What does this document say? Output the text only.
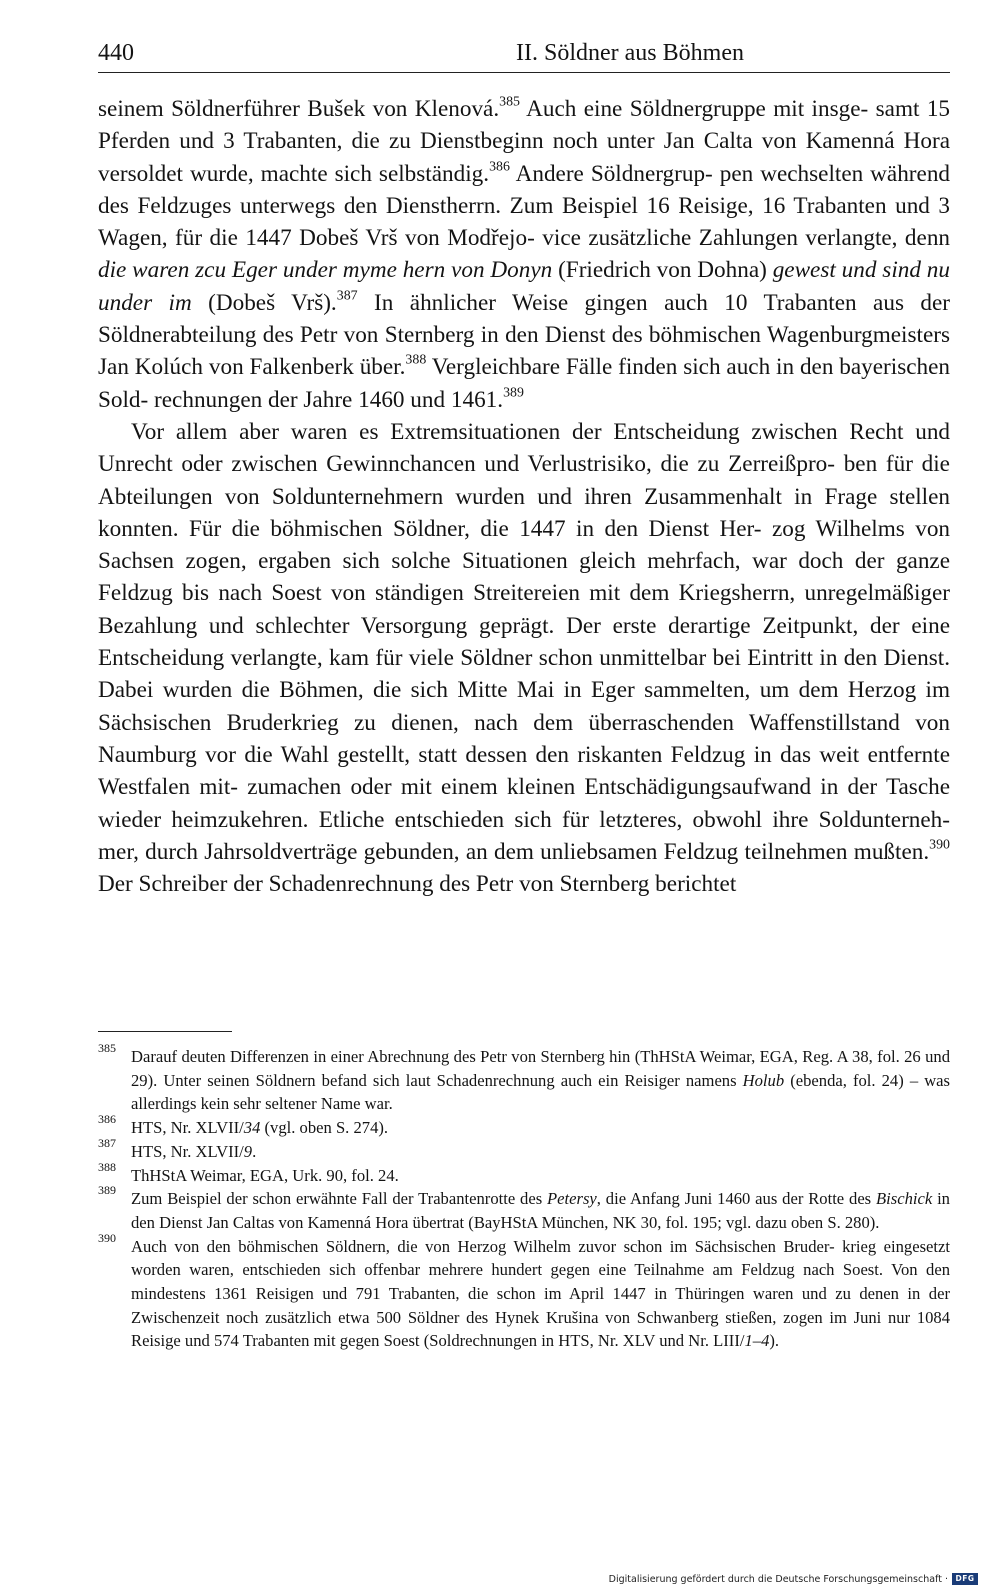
440	II. Söldner aus Böhmen

seinem Söldnerführer Bušek von Klenová.$^{385}$ Auch eine Söldnergruppe mit insge- samt 15 Pferden und 3 Trabanten, die zu Dienstbeginn noch unter Jan Calta von Kamenná Hora versoldet wurde, machte sich selbständig.$^{386}$ Andere Söldnergrup- pen wechselten während des Feldzuges unterwegs den Dienstherrn. Zum Beispiel 16 Reisige, 16 Trabanten und 3 Wagen, für die 1447 Dobeš Vrš von Modřejo- vice zusätzliche Zahlungen verlangte, denn die waren zcu Eger under myme hern von Donyn (Friedrich von Dohna) gewest und sind nu under im (Dobeš Vrš).$^{387}$ In ähnlicher Weise gingen auch 10 Trabanten aus der Söldnerabteilung des Petr von Sternberg in den Dienst des böhmischen Wagenburgmeisters Jan Kolúch von Falkenberk über.$^{388}$ Vergleichbare Fälle finden sich auch in den bayerischen Sold- rechnungen der Jahre 1460 und 1461.$^{389}$

Vor allem aber waren es Extremsituationen der Entscheidung zwischen Recht und Unrecht oder zwischen Gewinnchancen und Verlustrisiko, die zu Zerreißpro- ben für die Abteilungen von Soldunternehmern wurden und ihren Zusammenhalt in Frage stellen konnten. Für die böhmischen Söldner, die 1447 in den Dienst Her- zog Wilhelms von Sachsen zogen, ergaben sich solche Situationen gleich mehrfach, war doch der ganze Feldzug bis nach Soest von ständigen Streitereien mit dem Kriegsherrn, unregelmäßiger Bezahlung und schlechter Versorgung geprägt. Der erste derartige Zeitpunkt, der eine Entscheidung verlangte, kam für viele Söldner schon unmittelbar bei Eintritt in den Dienst. Dabei wurden die Böhmen, die sich Mitte Mai in Eger sammelten, um dem Herzog im Sächsischen Bruderkrieg zu dienen, nach dem überraschenden Waffenstillstand von Naumburg vor die Wahl gestellt, statt dessen den riskanten Feldzug in das weit entfernte Westfalen mit- zumachen oder mit einem kleinen Entschädigungsaufwand in der Tasche wieder heimzukehren. Etliche entschieden sich für letzteres, obwohl ihre Soldunterneh- mer, durch Jahrsoldverträge gebunden, an dem unliebsamen Feldzug teilnehmen mußten.$^{390}$ Der Schreiber der Schadenrechnung des Petr von Sternberg berichtet

385 Darauf deuten Differenzen in einer Abrechnung des Petr von Sternberg hin (ThHStA Weimar, EGA, Reg. A 38, fol. 26 und 29). Unter seinen Söldnern befand sich laut Schadenrechnung auch ein Reisiger namens Holub (ebenda, fol. 24) – was allerdings kein sehr seltener Name war.

386 HTS, Nr. XLVII/34 (vgl. oben S. 274).

387 HTS, Nr. XLVII/9.

388 ThHStA Weimar, EGA, Urk. 90, fol. 24.

389 Zum Beispiel der schon erwähnte Fall der Trabantenrotte des Petersy, die Anfang Juni 1460 aus der Rotte des Bischick in den Dienst Jan Caltas von Kamenná Hora übertrat (BayHStA München, NK 30, fol. 195; vgl. dazu oben S. 280).

390 Auch von den böhmischen Söldnern, die von Herzog Wilhelm zuvor schon im Sächsischen Bruder- krieg eingesetzt worden waren, entschieden sich offenbar mehrere hundert gegen eine Teilnahme am Feldzug nach Soest. Von den mindestens 1361 Reisigen und 791 Trabanten, die schon im April 1447 in Thüringen waren und zu denen in der Zwischenzeit noch zusätzlich etwa 500 Söldner des Hynek Krušina von Schwanberg stießen, zogen im Juni nur 1084 Reisige und 574 Trabanten mit gegen Soest (Soldrechnungen in HTS, Nr. XLV und Nr. LIII/1–4).

Digitalisierung gefördert durch die Deutsche Forschungsgemeinschaft · DFG
